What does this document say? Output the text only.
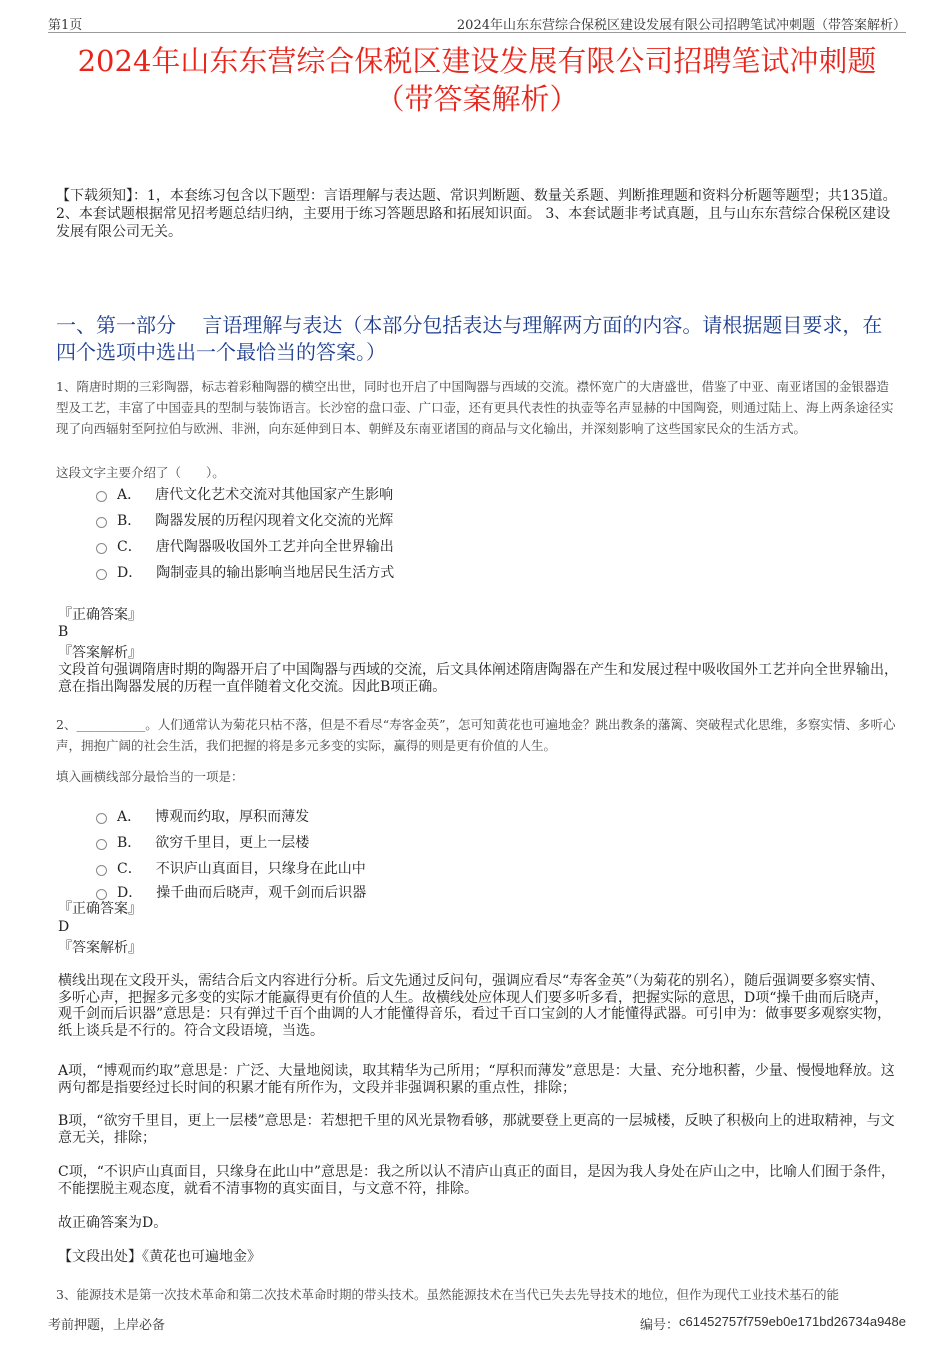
第1页	2024年山东东营综合保税区建设发展有限公司招聘笔试冲刺题（带答案解析）
2024年山东东营综合保税区建设发展有限公司招聘笔试冲刺题
（带答案解析）
【下载须知】：1，本套练习包含以下题型：言语理解与表达题、常识判断题、数量关系题、判断推理题和资料分析题等题型；共135道。 2、本套试题根据常见招考题总结归纳，主要用于练习答题思路和拓展知识面。 3、本套试题非考试真题，且与山东东营综合保税区建设发展有限公司无关。
一、第一部分　 言语理解与表达（本部分包括表达与理解两方面的内容。请根据题目要求，在四个选项中选出一个最恰当的答案。）
1、隋唐时期的三彩陶器，标志着彩釉陶器的横空出世，同时也开启了中国陶器与西域的交流。襟怀宽广的大唐盛世，借鉴了中亚、南亚诸国的金银器造型及工艺，丰富了中国壶具的型制与装饰语言。长沙窑的盘口壶、广口壶，还有更具代表性的执壶等名声显赫的中国陶瓷，则通过陆上、海上两条途径实现了向西辐射至阿拉伯与欧洲、非洲，向东延伸到日本、朝鲜及东南亚诸国的商品与文化输出，并深刻影响了这些国家民众的生活方式。
这段文字主要介绍了（　　）。
A． 唐代文化艺术交流对其他国家产生影响
B． 陶器发展的历程闪现着文化交流的光辉
C． 唐代陶器吸收国外工艺并向全世界输出
D． 陶制壶具的输出影响当地居民生活方式
『正确答案』
B
『答案解析』
文段首句强调隋唐时期的陶器开启了中国陶器与西域的交流，后文具体阐述隋唐陶器在产生和发展过程中吸收国外工艺并向全世界输出，意在指出陶器发展的历程一直伴随着文化交流。因此B项正确。
2、___________。人们通常认为菊花只枯不落，但是不看尽“寿客金英”，怎可知黄花也可遍地金？跳出教条的藩篱、突破程式化思维，多察实情、多听心声，拥抱广阔的社会生活，我们把握的将是多元多变的实际，赢得的则是更有价值的人生。
填入画横线部分最恰当的一项是：
A． 博观而约取，厚积而薄发
B． 欲穷千里目，更上一层楼
C． 不识庐山真面目，只缘身在此山中
D． 操千曲而后晓声，观千剑而后识器
『正确答案』
D
『答案解析』
横线出现在文段开头，需结合后文内容进行分析。后文先通过反问句，强调应看尽“寿客金英”（为菊花的别名），随后强调要多察实情、多听心声，把握多元多变的实际才能赢得更有价值的人生。故横线处应体现人们要多听多看，把握实际的意思，D项“操千曲而后晓声，观千剑而后识器”意思是：只有弹过千百个曲调的人才能懂得音乐，看过千百口宝剑的人才能懂得武器。可引申为：做事要多观察实物，纸上谈兵是不行的。符合文段语境，当选。
A项，“博观而约取”意思是：广泛、大量地阅读，取其精华为己所用；“厚积而薄发”意思是：大量、充分地积蓄，少量、慢慢地释放。这两句都是指要经过长时间的积累才能有所作为，文段并非强调积累的重点性，排除；
B项，“欲穷千里目，更上一层楼”意思是：若想把千里的风光景物看够，那就要登上更高的一层城楼，反映了积极向上的进取精神，与文意无关，排除；
C项，“不识庐山真面目，只缘身在此山中”意思是：我之所以认不清庐山真正的面目，是因为我人身处在庐山之中，比喻人们囿于条件，不能摆脱主观态度，就看不清事物的真实面目，与文意不符，排除。
故正确答案为D。
【文段出处】《黄花也可遍地金》
3、能源技术是第一次技术革命和第二次技术革命时期的带头技术。虽然能源技术在当代已失去先导技术的地位，但作为现代工业技术基石的能
考前押题，上岸必备	编号： c61452757f759eb0e171bd26734a948e
